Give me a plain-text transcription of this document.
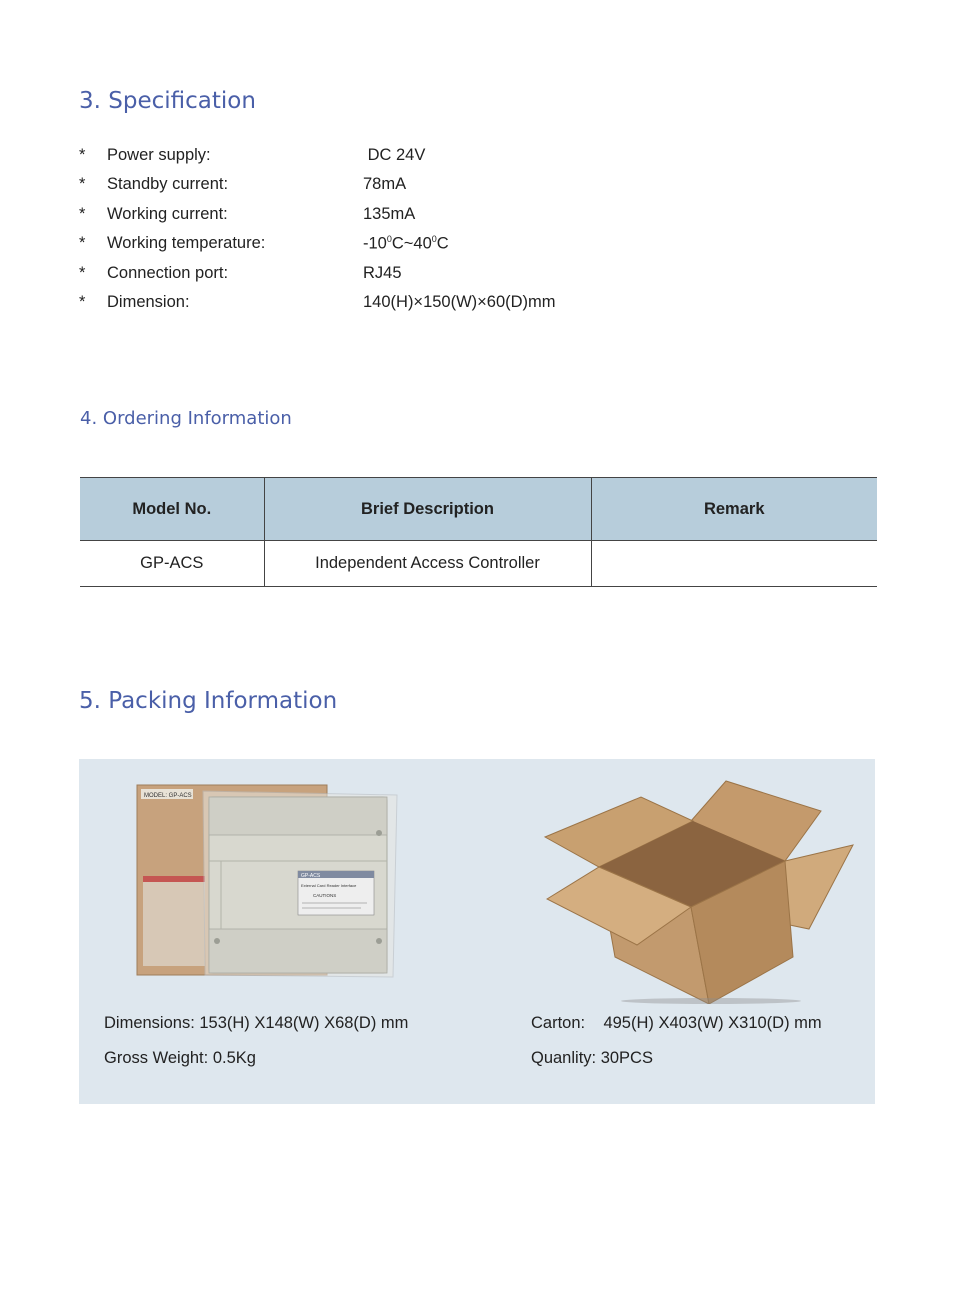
3. Specification
* Power supply:	DC 24V
* Standby current:	78mA
* Working current:	135mA
* Working temperature:	$-10^0C\sim 40^0C$
* Connection port:	RJ45
* Dimension:	140(H)×150(W)×60(D)mm
4. Ordering Information
Model No.	Brief Description	Remark
GP-ACS	Independent Access Controller	
5. Packing Information
MODEL: GP-ACS
GP-ACS
External Card Reader Interface
CAUTIONS
Dimensions: 153(H) X148(W) X68(D) mm
Gross Weight: 0.5Kg
Carton:    495(H) X403(W) X310(D) mm
Quanlity: 30PCS
